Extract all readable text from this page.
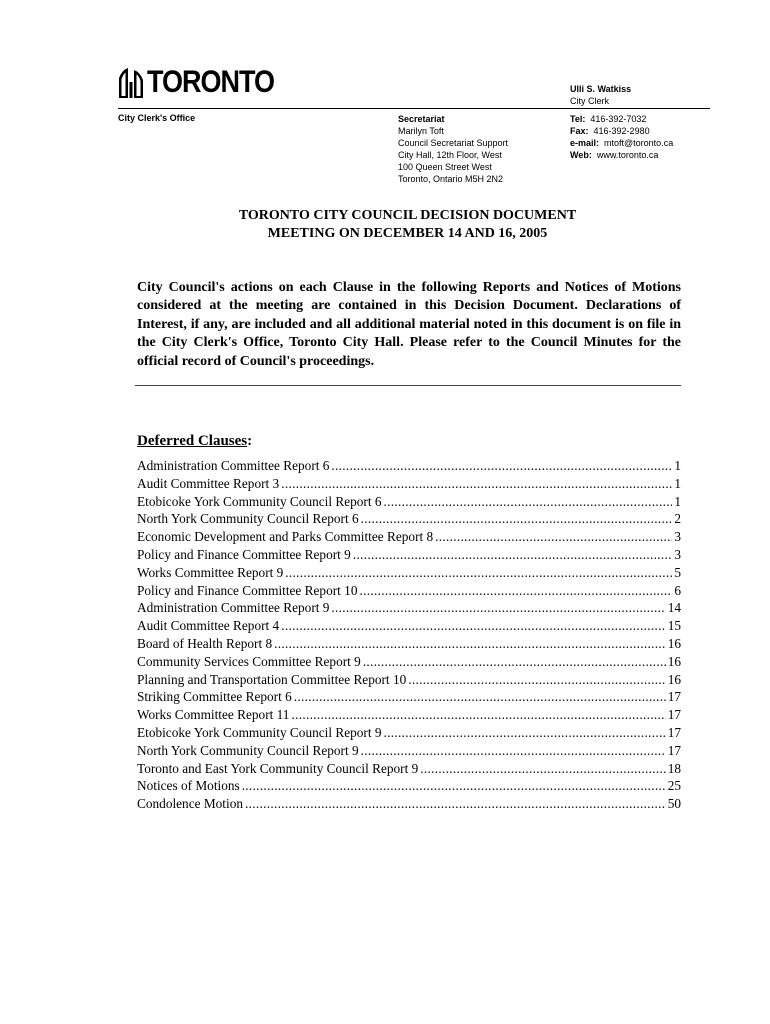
TORONTO	Ulli S. Watkiss
City Clerk
City Clerk's Office	Secretariat
Marilyn Toft
Council Secretariat Support
City Hall, 12th Floor, West
100 Queen Street West
Toronto, Ontario M5H 2N2
Tel: 416-392-7032
Fax: 416-392-2980
e-mail: mtoft@toronto.ca
Web: www.toronto.ca
TORONTO CITY COUNCIL DECISION DOCUMENT
MEETING ON DECEMBER 14 AND 16, 2005
City Council's actions on each Clause in the following Reports and Notices of Motions considered at the meeting are contained in this Decision Document. Declarations of Interest, if any, are included and all additional material noted in this document is on file in the City Clerk's Office, Toronto City Hall. Please refer to the Council Minutes for the official record of Council's proceedings.
Deferred Clauses:
Administration Committee Report 6 .....	1
Audit Committee Report 3 .....	1
Etobicoke York Community Council Report 6 .....	1
North York Community Council Report 6 .....	2
Economic Development and Parks Committee Report 8 .....	3
Policy and Finance Committee Report 9 .....	3
Works Committee Report 9 .....	5
Policy and Finance Committee Report 10 .....	6
Administration Committee Report 9 .....	14
Audit Committee Report 4 .....	15
Board of Health Report 8 .....	16
Community Services Committee Report 9 .....	16
Planning and Transportation Committee Report 10 .....	16
Striking Committee Report 6 .....	17
Works Committee Report 11 .....	17
Etobicoke York Community Council Report 9 .....	17
North York Community Council Report 9 .....	17
Toronto and East York Community Council Report 9 .....	18
Notices of Motions .....	25
Condolence Motion .....	50
